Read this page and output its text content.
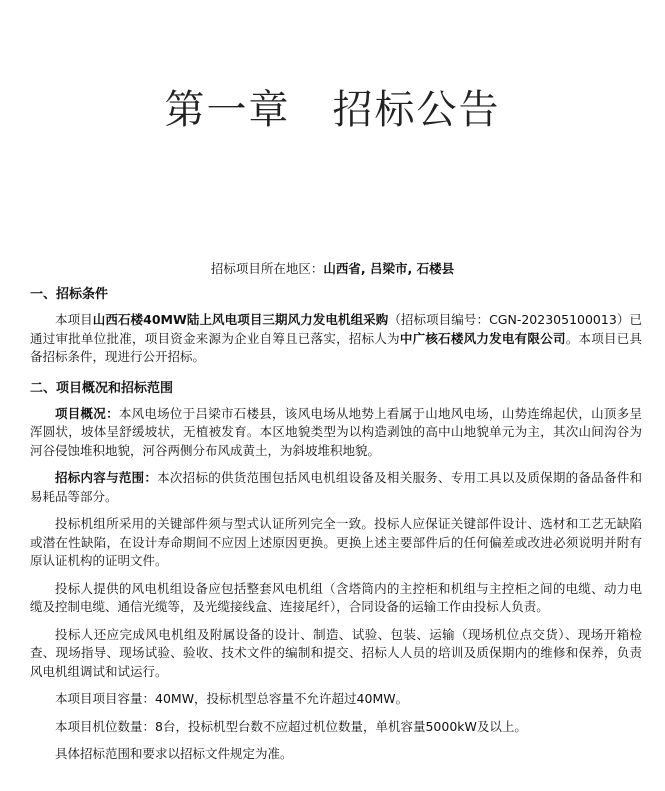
第一章　招标公告
招标项目所在地区：山西省, 吕梁市, 石楼县
一、招标条件

本项目山西石楼40MW陆上风电项目三期风力发电机组采购（招标项目编号：CGN-202305100013）已通过审批单位批准，项目资金来源为企业自筹且已落实，招标人为中广核石楼风力发电有限公司。本项目已具备招标条件，现进行公开招标。

二、项目概况和招标范围

项目概况：本风电场位于吕梁市石楼县，该风电场从地势上看属于山地风电场，山势连绵起伏，山顶多呈浑圆状，坡体呈舒缓坡状，无植被发育。本区地貌类型为以构造剥蚀的高中山地貌单元为主，其次山间沟谷为河谷侵蚀堆积地貌，河谷两侧分布风成黄土，为斜坡堆积地貌。

招标内容与范围：本次招标的供货范围包括风电机组设备及相关服务、专用工具以及质保期的备品备件和易耗品等部分。

投标机组所采用的关键部件须与型式认证所列完全一致。投标人应保证关键部件设计、选材和工艺无缺陷或潜在性缺陷，在设计寿命期间不应因上述原因更换。更换上述主要部件后的任何偏差或改进必须说明并附有原认证机构的证明文件。

投标人提供的风电机组设备应包括整套风电机组（含塔筒内的主控柜和机组与主控柜之间的电缆、动力电缆及控制电缆、通信光缆等，及光缆接线盒、连接尾纤），合同设备的运输工作由投标人负责。

投标人还应完成风电机组及附属设备的设计、制造、试验、包装、运输（现场机位点交货）、现场开箱检查、现场指导、现场试验、验收、技术文件的编制和提交、招标人人员的培训及质保期内的维修和保养，负责风电机组调试和试运行。

本项目项目容量：40MW，投标机型总容量不允许超过40MW。

本项目机位数量：8台，投标机型台数不应超过机位数量，单机容量5000kW及以上。

具体招标范围和要求以招标文件规定为准。
